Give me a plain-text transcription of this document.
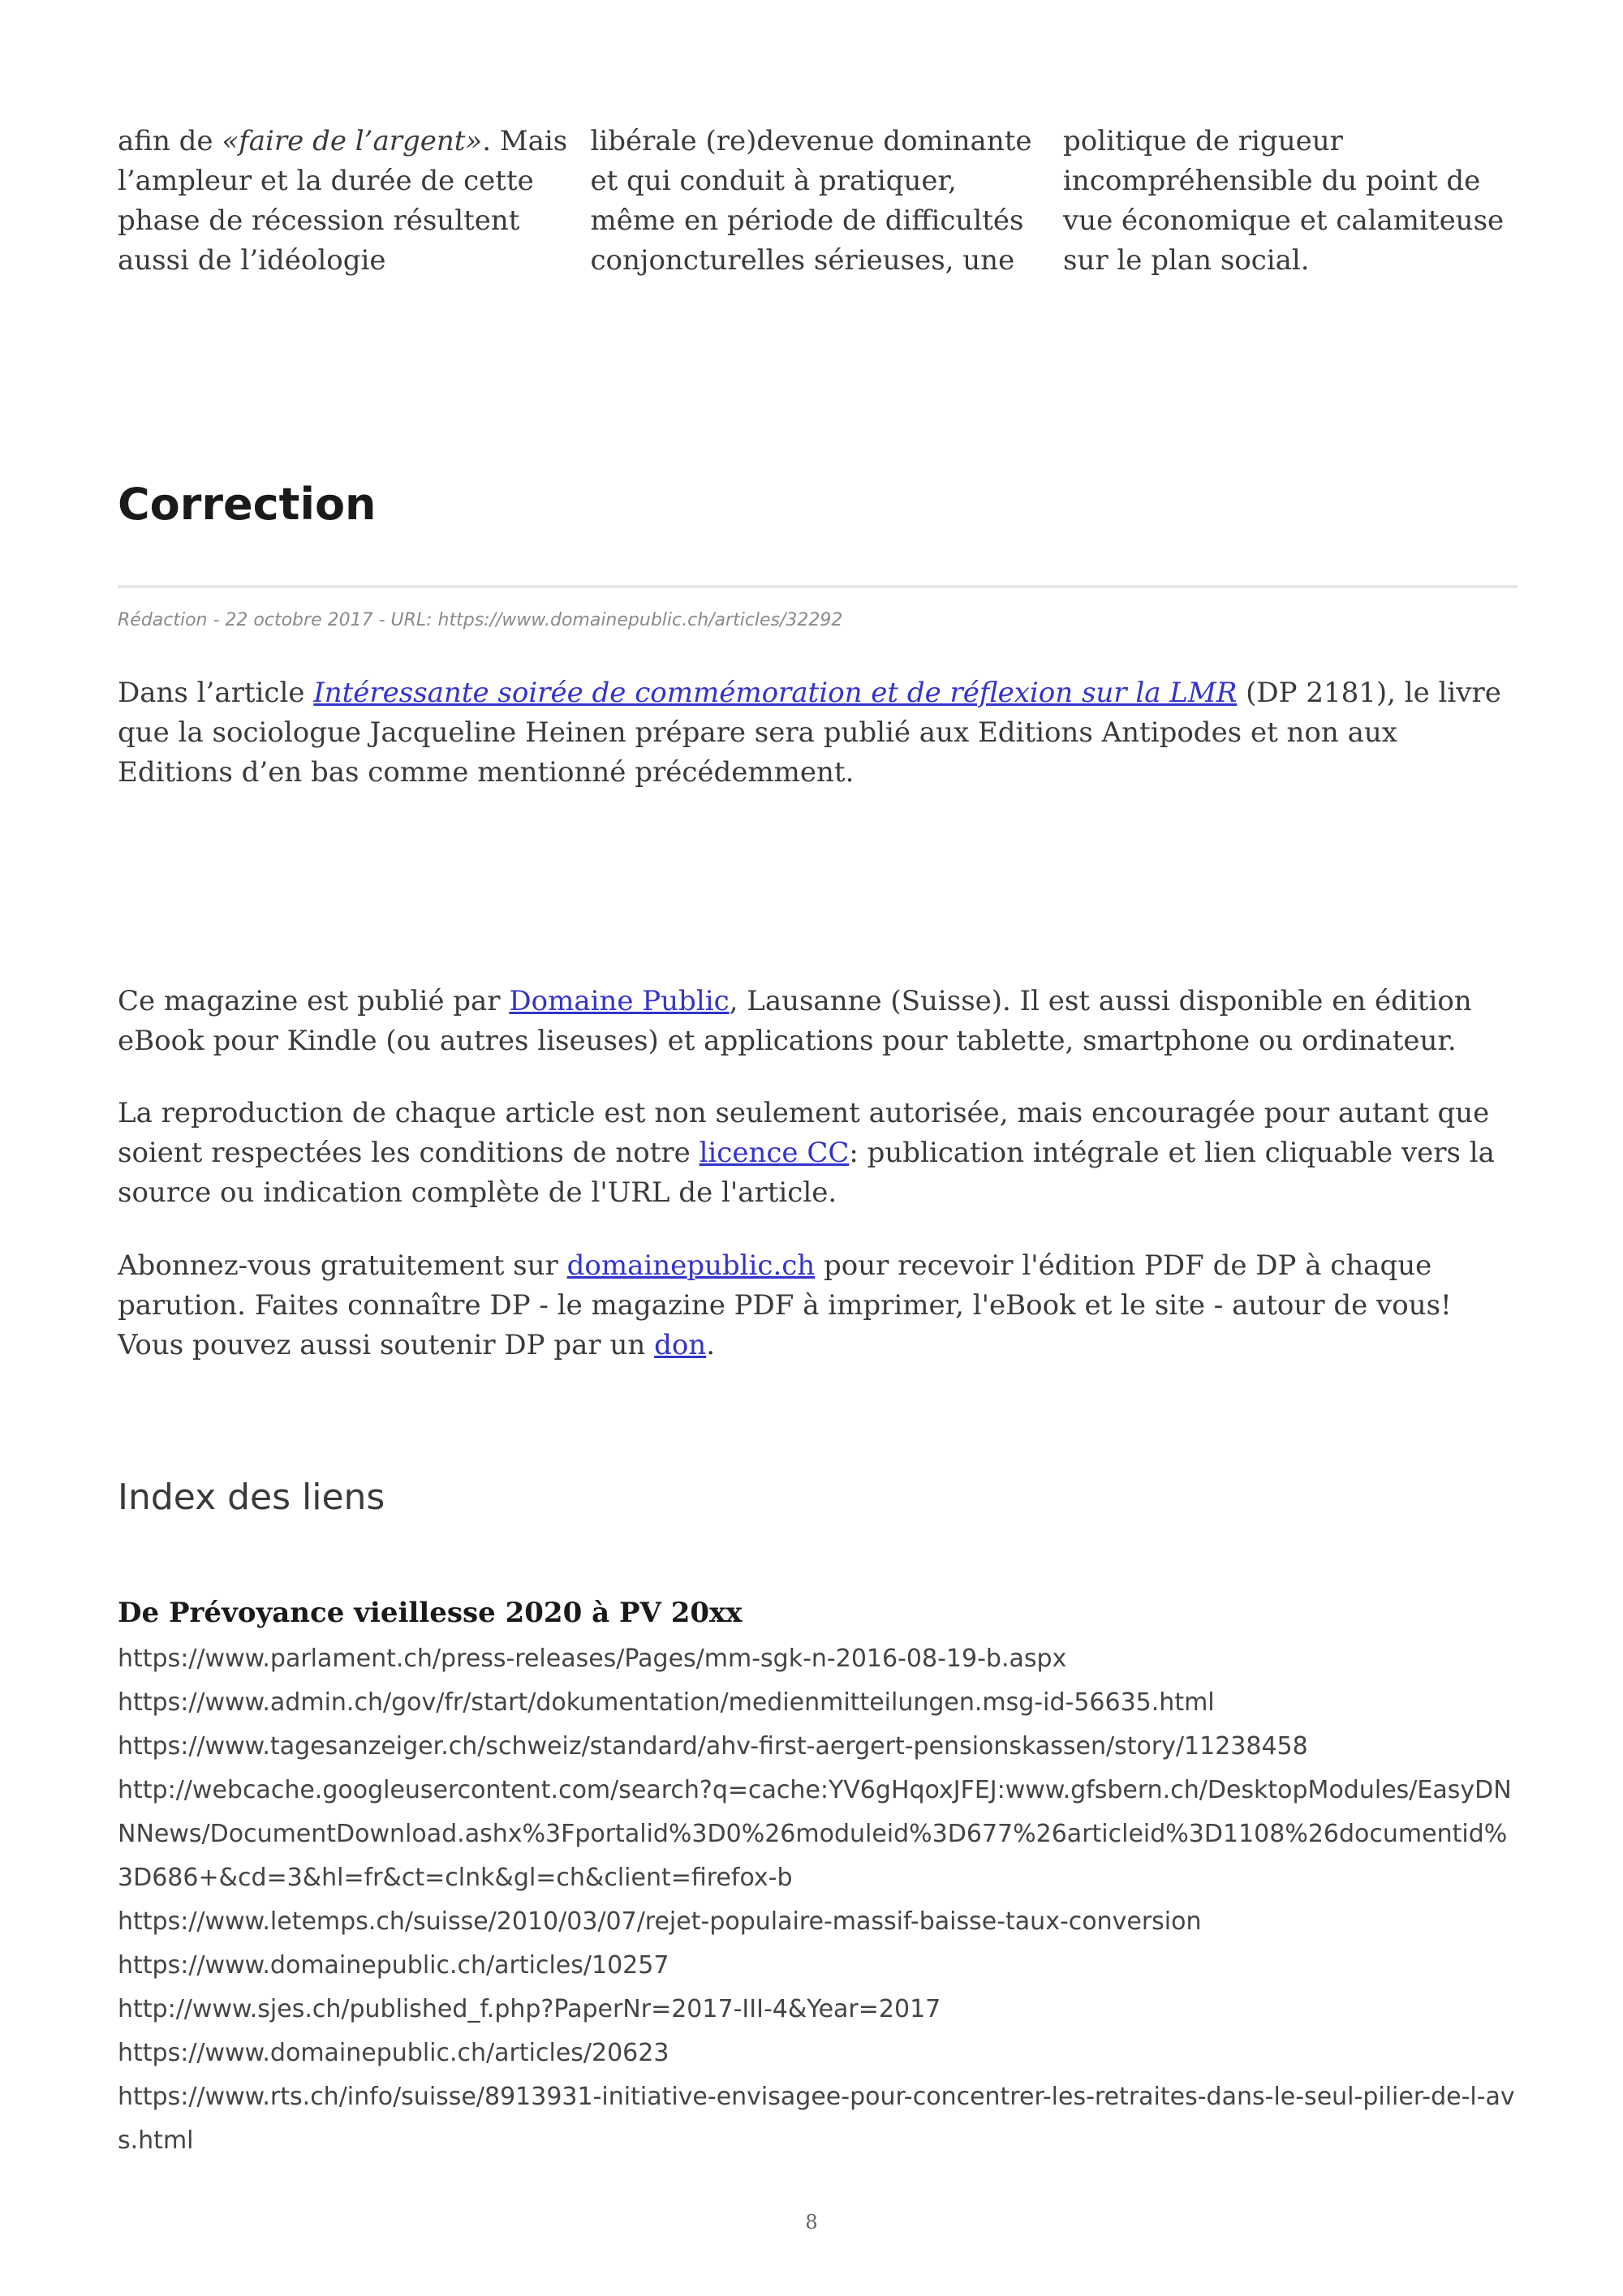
afin de «faire de l’argent». Mais l’ampleur et la durée de cette phase de récession résultent aussi de l’idéologie

libérale (re)devenue dominante et qui conduit à pratiquer, même en période de difficultés conjoncturelles sérieuses, une

politique de rigueur incompréhensible du point de vue économique et calamiteuse sur le plan social.

Correction

Rédaction - 22 octobre 2017 - URL: https://www.domainepublic.ch/articles/32292

Dans l’article Intéressante soirée de commémoration et de réflexion sur la LMR (DP 2181), le livre que la sociologue Jacqueline Heinen prépare sera publié aux Editions Antipodes et non aux Editions d’en bas comme mentionné précédemment.

Ce magazine est publié par Domaine Public, Lausanne (Suisse). Il est aussi disponible en édition eBook pour Kindle (ou autres liseuses) et applications pour tablette, smartphone ou ordinateur.

La reproduction de chaque article est non seulement autorisée, mais encouragée pour autant que soient respectées les conditions de notre licence CC: publication intégrale et lien cliquable vers la source ou indication complète de l'URL de l'article.

Abonnez-vous gratuitement sur domainepublic.ch pour recevoir l'édition PDF de DP à chaque parution. Faites connaître DP - le magazine PDF à imprimer, l'eBook et le site - autour de vous! Vous pouvez aussi soutenir DP par un don.

Index des liens
De Prévoyance vieillesse 2020 à PV 20xx
https://www.parlament.ch/press-releases/Pages/mm-sgk-n-2016-08-19-b.aspx
https://www.admin.ch/gov/fr/start/dokumentation/medienmitteilungen.msg-id-56635.html
https://www.tagesanzeiger.ch/schweiz/standard/ahv-first-aergert-pensionskassen/story/11238458
http://webcache.googleusercontent.com/search?q=cache:YV6gHqoxJFEJ:www.gfsbern.ch/DesktopModules/EasyDNNNews/DocumentDownload.ashx%3Fportalid%3D0%26moduleid%3D677%26articleid%3D1108%26documentid%3D686+&cd=3&hl=fr&ct=clnk&gl=ch&client=firefox-b
https://www.letemps.ch/suisse/2010/03/07/rejet-populaire-massif-baisse-taux-conversion
https://www.domainepublic.ch/articles/10257
http://www.sjes.ch/published_f.php?PaperNr=2017-III-4&Year=2017
https://www.domainepublic.ch/articles/20623
https://www.rts.ch/info/suisse/8913931-initiative-envisagee-pour-concentrer-les-retraites-dans-le-seul-pilier-de-l-avs.html
8
